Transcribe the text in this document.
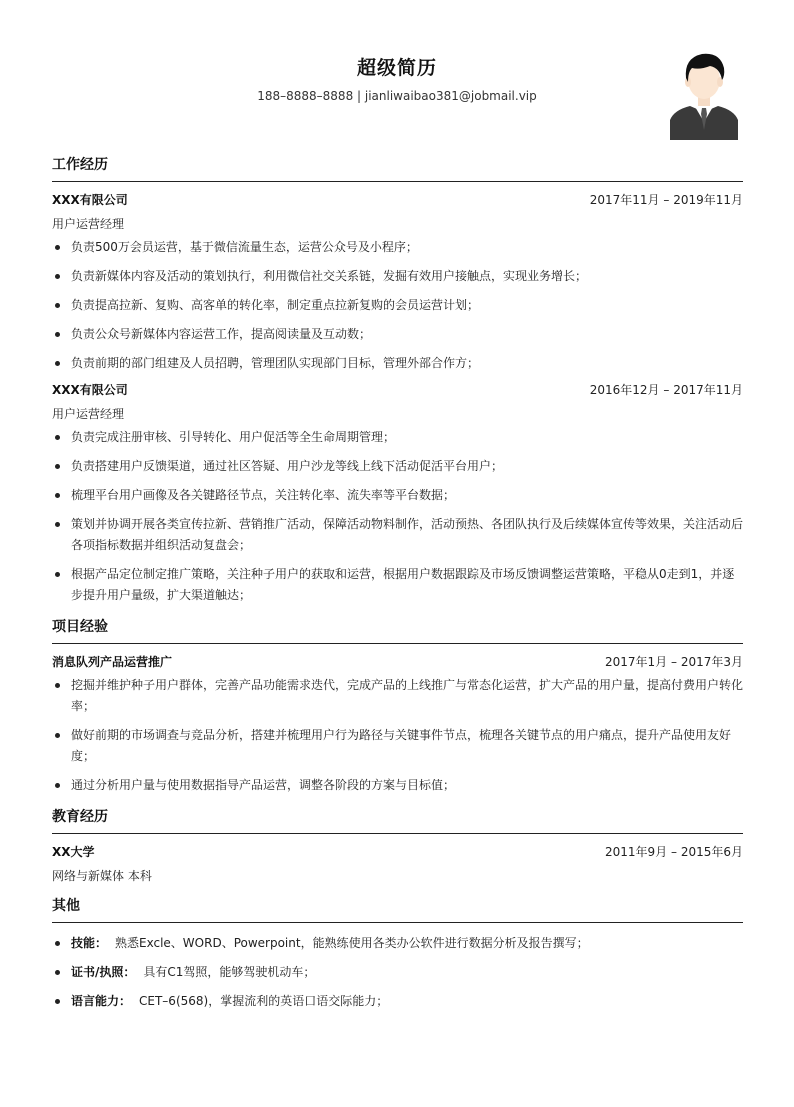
超级简历
188–8888–8888 | jianliwaibao381@jobmail.vip
工作经历
XXX有限公司	2017年11月 – 2019年11月
用户运营经理
负责500万会员运营，基于微信流量生态，运营公众号及小程序；
负责新媒体内容及活动的策划执行，利用微信社交关系链，发掘有效用户接触点，实现业务增长；
负责提高拉新、复购、高客单的转化率，制定重点拉新复购的会员运营计划；
负责公众号新媒体内容运营工作，提高阅读量及互动数；
负责前期的部门组建及人员招聘，管理团队实现部门目标，管理外部合作方；
XXX有限公司	2016年12月 – 2017年11月
用户运营经理
负责完成注册审核、引导转化、用户促活等全生命周期管理；
负责搭建用户反馈渠道，通过社区答疑、用户沙龙等线上线下活动促活平台用户；
梳理平台用户画像及各关键路径节点，关注转化率、流失率等平台数据；
策划并协调开展各类宣传拉新、营销推广活动，保障活动物料制作，活动预热、各团队执行及后续媒体宣传等效果，关注活动后各项指标数据并组织活动复盘会；
根据产品定位制定推广策略，关注种子用户的获取和运营，根据用户数据跟踪及市场反馈调整运营策略，平稳从0走到1，并逐步提升用户量级，扩大渠道触达；
项目经验
消息队列产品运营推广	2017年1月 – 2017年3月
挖掘并维护种子用户群体，完善产品功能需求迭代，完成产品的上线推广与常态化运营，扩大产品的用户量，提高付费用户转化率；
做好前期的市场调查与竞品分析，搭建并梳理用户行为路径与关键事件节点，梳理各关键节点的用户痛点，提升产品使用友好度；
通过分析用户量与使用数据指导产品运营，调整各阶段的方案与目标值；
教育经历
XX大学	2011年9月 – 2015年6月
网络与新媒体 本科
其他
技能： 熟悉Excle、WORD、Powerpoint，能熟练使用各类办公软件进行数据分析及报告撰写；
证书/执照： 具有C1驾照，能够驾驶机动车；
语言能力： CET–6(568)，掌握流利的英语口语交际能力；
